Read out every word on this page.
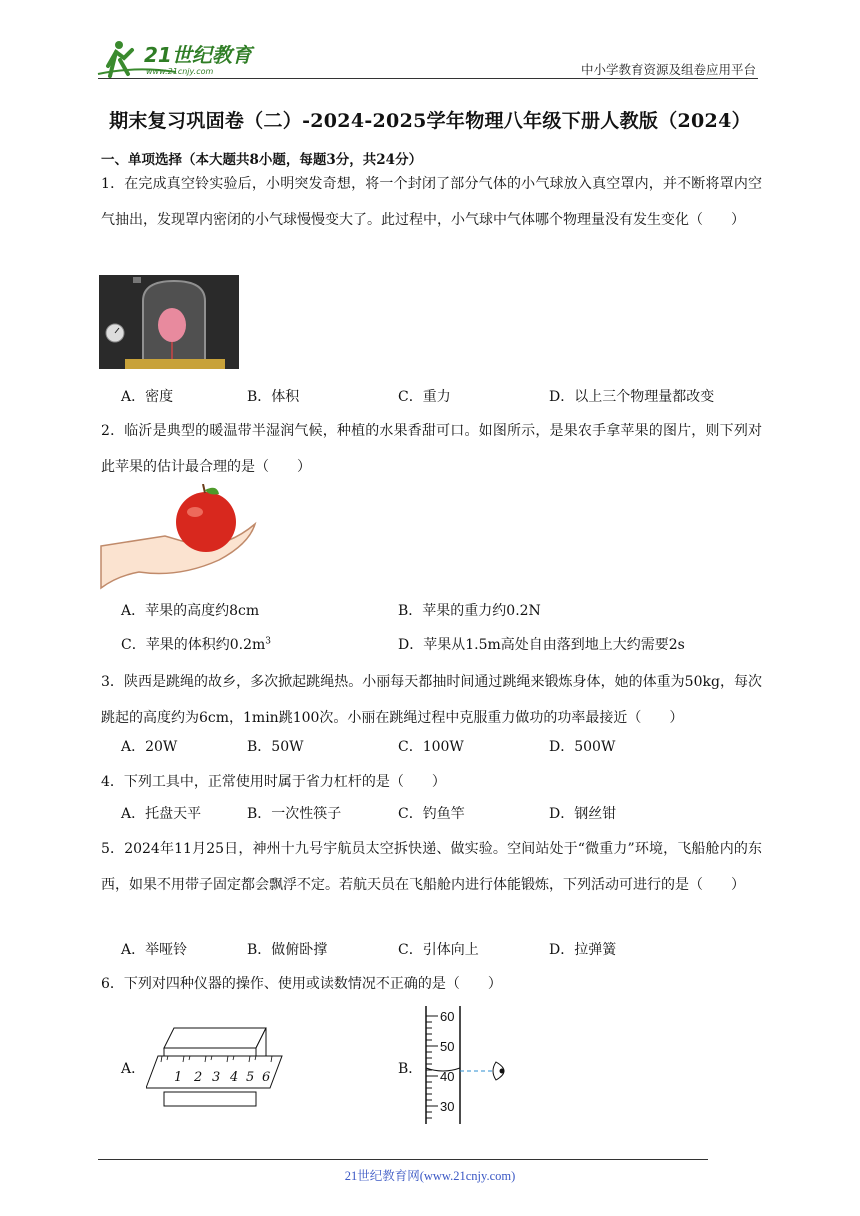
21世纪教育
www.21cnjy.com	中小学教育资源及组卷应用平台
期末复习巩固卷（二）-2024-2025学年物理八年级下册人教版（2024）
一、单项选择（本大题共8小题，每题3分，共24分）
1．在完成真空铃实验后，小明突发奇想，将一个封闭了部分气体的小气球放入真空罩内，并不断将罩内空气抽出，发现罩内密闭的小气球慢慢变大了。此过程中，小气球中气体哪个物理量没有发生变化（　　）
A．密度	B．体积	C．重力	D．以上三个物理量都改变
2．临沂是典型的暖温带半湿润气候，种植的水果香甜可口。如图所示，是果农手拿苹果的图片，则下列对此苹果的估计最合理的是（　　）
A．苹果的高度约8cm	B．苹果的重力约0.2N
C．苹果的体积约$0.2m^3$	D．苹果从1.5m高处自由落到地上大约需要2s
3．陕西是跳绳的故乡，多次掀起跳绳热。小丽每天都抽时间通过跳绳来锻炼身体，她的体重为50kg，每次跳起的高度约为6cm，1min跳100次。小丽在跳绳过程中克服重力做功的功率最接近（　　）
A．20W	B．50W	C．100W	D．500W
4．下列工具中，正常使用时属于省力杠杆的是（　　）
A．托盘天平	B．一次性筷子	C．钓鱼竿	D．钢丝钳
5．2024年11月25日，神州十九号宇航员太空拆快递、做实验。空间站处于“微重力”环境，飞船舱内的东西，如果不用带子固定都会飘浮不定。若航天员在飞船舱内进行体能锻炼，下列活动可进行的是（　　）
A．举哑铃	B．做俯卧撑	C．引体向上	D．拉弹簧
6．下列对四种仪器的操作、使用或读数情况不正确的是（　　）
A．
1 2 3 4 5 6
B．
60
50
40
30
21世纪教育网(www.21cnjy.com)
